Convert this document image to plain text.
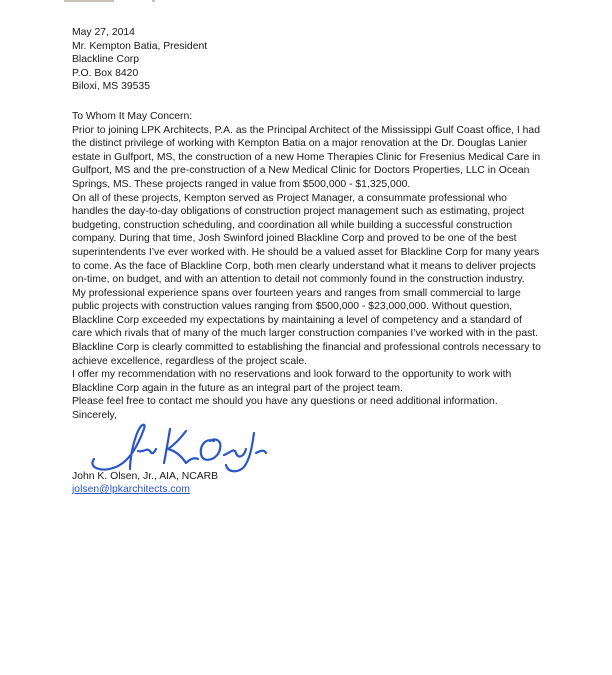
May 27, 2014

Mr. Kempton Batia, President
Blackline Corp
P.O. Box 8420
Biloxi, MS 39535

To Whom It May Concern:

Prior to joining LPK Architects, P.A. as the Principal Architect of the Mississippi Gulf Coast office, I had the distinct privilege of working with Kempton Batia on a major renovation at the Dr. Douglas Lanier estate in Gulfport, MS, the construction of a new Home Therapies Clinic for Fresenius Medical Care in Gulfport, MS and the pre-construction of a New Medical Clinic for Doctors Properties, LLC in Ocean Springs, MS. These projects ranged in value from $500,000 - $1,325,000.

On all of these projects, Kempton served as Project Manager, a consummate professional who handles the day-to-day obligations of construction project management such as estimating, project budgeting, construction scheduling, and coordination all while building a successful construction company. During that time, Josh Swinford joined Blackline Corp and proved to be one of the best superintendents I’ve ever worked with. He should be a valued asset for Blackline Corp for many years to come. As the face of Blackline Corp, both men clearly understand what it means to deliver projects on-time, on budget, and with an attention to detail not commonly found in the construction industry.

My professional experience spans over fourteen years and ranges from small commercial to large public projects with construction values ranging from $500,000 - $23,000,000. Without question, Blackline Corp exceeded my expectations by maintaining a level of competency and a standard of care which rivals that of many of the much larger construction companies I’ve worked with in the past. Blackline Corp is clearly committed to establishing the financial and professional controls necessary to achieve excellence, regardless of the project scale.

I offer my recommendation with no reservations and look forward to the opportunity to work with Blackline Corp again in the future as an integral part of the project team.

Please feel free to contact me should you have any questions or need additional information.

Sincerely,

John K. Olsen, Jr., AIA, NCARB

jolsen@lpkarchitects.com
